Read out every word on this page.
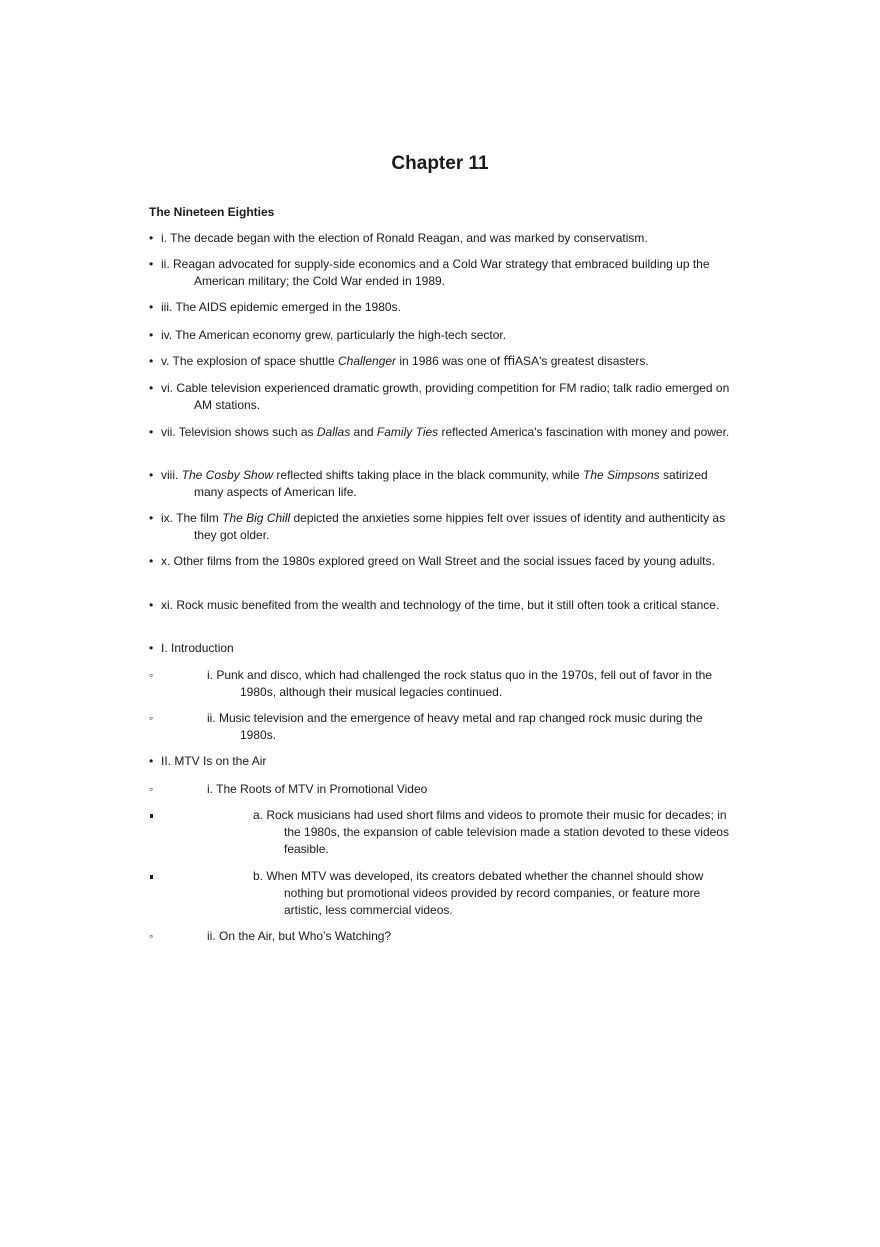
Chapter 11

The Nineteen Eighties

• i. The decade began with the election of Ronald Reagan, and was marked by conservatism.
• ii. Reagan advocated for supply-side economics and a Cold War strategy that embraced building up the American military; the Cold War ended in 1989.
• iii. The AIDS epidemic emerged in the 1980s.
• iv. The American economy grew, particularly the high-tech sector.
• v. The explosion of space shuttle Challenger in 1986 was one of ﬃASA's greatest disasters.
• vi. Cable television experienced dramatic growth, providing competition for FM radio; talk radio emerged on AM stations.
• vii. Television shows such as Dallas and Family Ties reflected America's fascination with money and power.
• viii. The Cosby Show reflected shifts taking place in the black community, while The Simpsons satirized many aspects of American life.
• ix. The film The Big Chill depicted the anxieties some hippies felt over issues of identity and authenticity as they got older.
• x. Other films from the 1980s explored greed on Wall Street and the social issues faced by young adults.
• xi. Rock music benefited from the wealth and technology of the time, but it still often took a critical stance.
• I. Introduction
◦	i. Punk and disco, which had challenged the rock status quo in the 1970s, fell out of favor in the 1980s, although their musical legacies continued.
◦	ii. Music television and the emergence of heavy metal and rap changed rock music during the 1980s.
• II. MTV Is on the Air
◦	i. The Roots of MTV in Promotional Video
a. Rock musicians had used short films and videos to promote their music for decades; in the 1980s, the expansion of cable television made a station devoted to these videos feasible.
b. When MTV was developed, its creators debated whether the channel should show nothing but promotional videos provided by record companies, or feature more artistic, less commercial videos.
◦	ii. On the Air, but Who’s Watching?
